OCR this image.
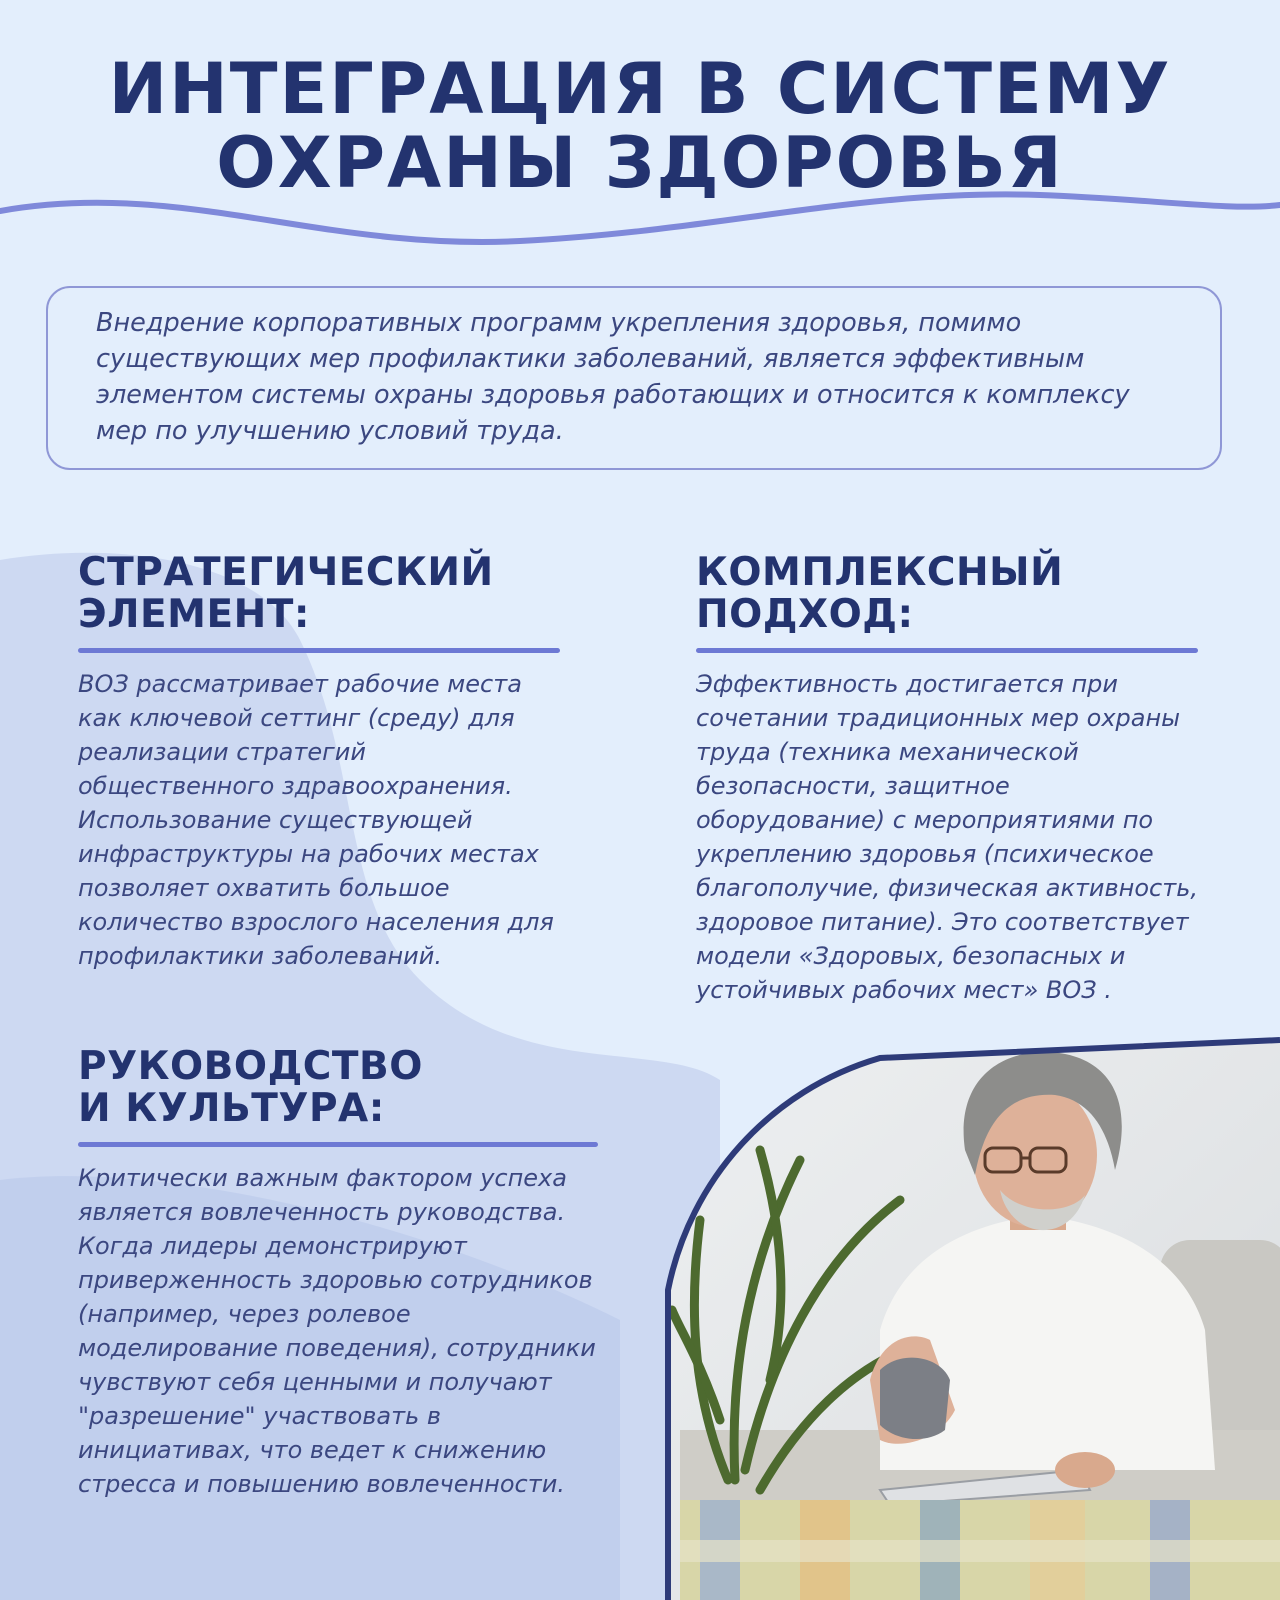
ИНТЕГРАЦИЯ В СИСТЕМУ
ОХРАНЫ ЗДОРОВЬЯ

Внедрение корпоративных программ укрепления здоровья, помимо существующих мер профилактики заболеваний, является эффективным элементом системы охраны здоровья работающих и относится к комплексу мер по улучшению условий труда.

СТРАТЕГИЧЕСКИЙ
ЭЛЕМЕНТ:

ВОЗ рассматривает рабочие места как ключевой сеттинг (среду) для реализации стратегий общественного здравоохранения. Использование существующей инфраструктуры на рабочих местах позволяет охватить большое количество взрослого населения для профилактики заболеваний.

КОМПЛЕКСНЫЙ
ПОДХОД:

Эффективность достигается при сочетании традиционных мер охраны труда (техника механической безопасности, защитное оборудование) с мероприятиями по укреплению здоровья (психическое благополучие, физическая активность, здоровое питание). Это соответствует модели «Здоровых, безопасных и устойчивых рабочих мест» ВОЗ .

РУКОВОДСТВО
И КУЛЬТУРА:

Критически важным фактором успеха является вовлеченность руководства. Когда лидеры демонстрируют приверженность здоровью сотрудников (например, через ролевое моделирование поведения), сотрудники чувствуют себя ценными и получают "разрешение" участвовать в инициативах, что ведет к снижению стресса и повышению вовлеченности.
